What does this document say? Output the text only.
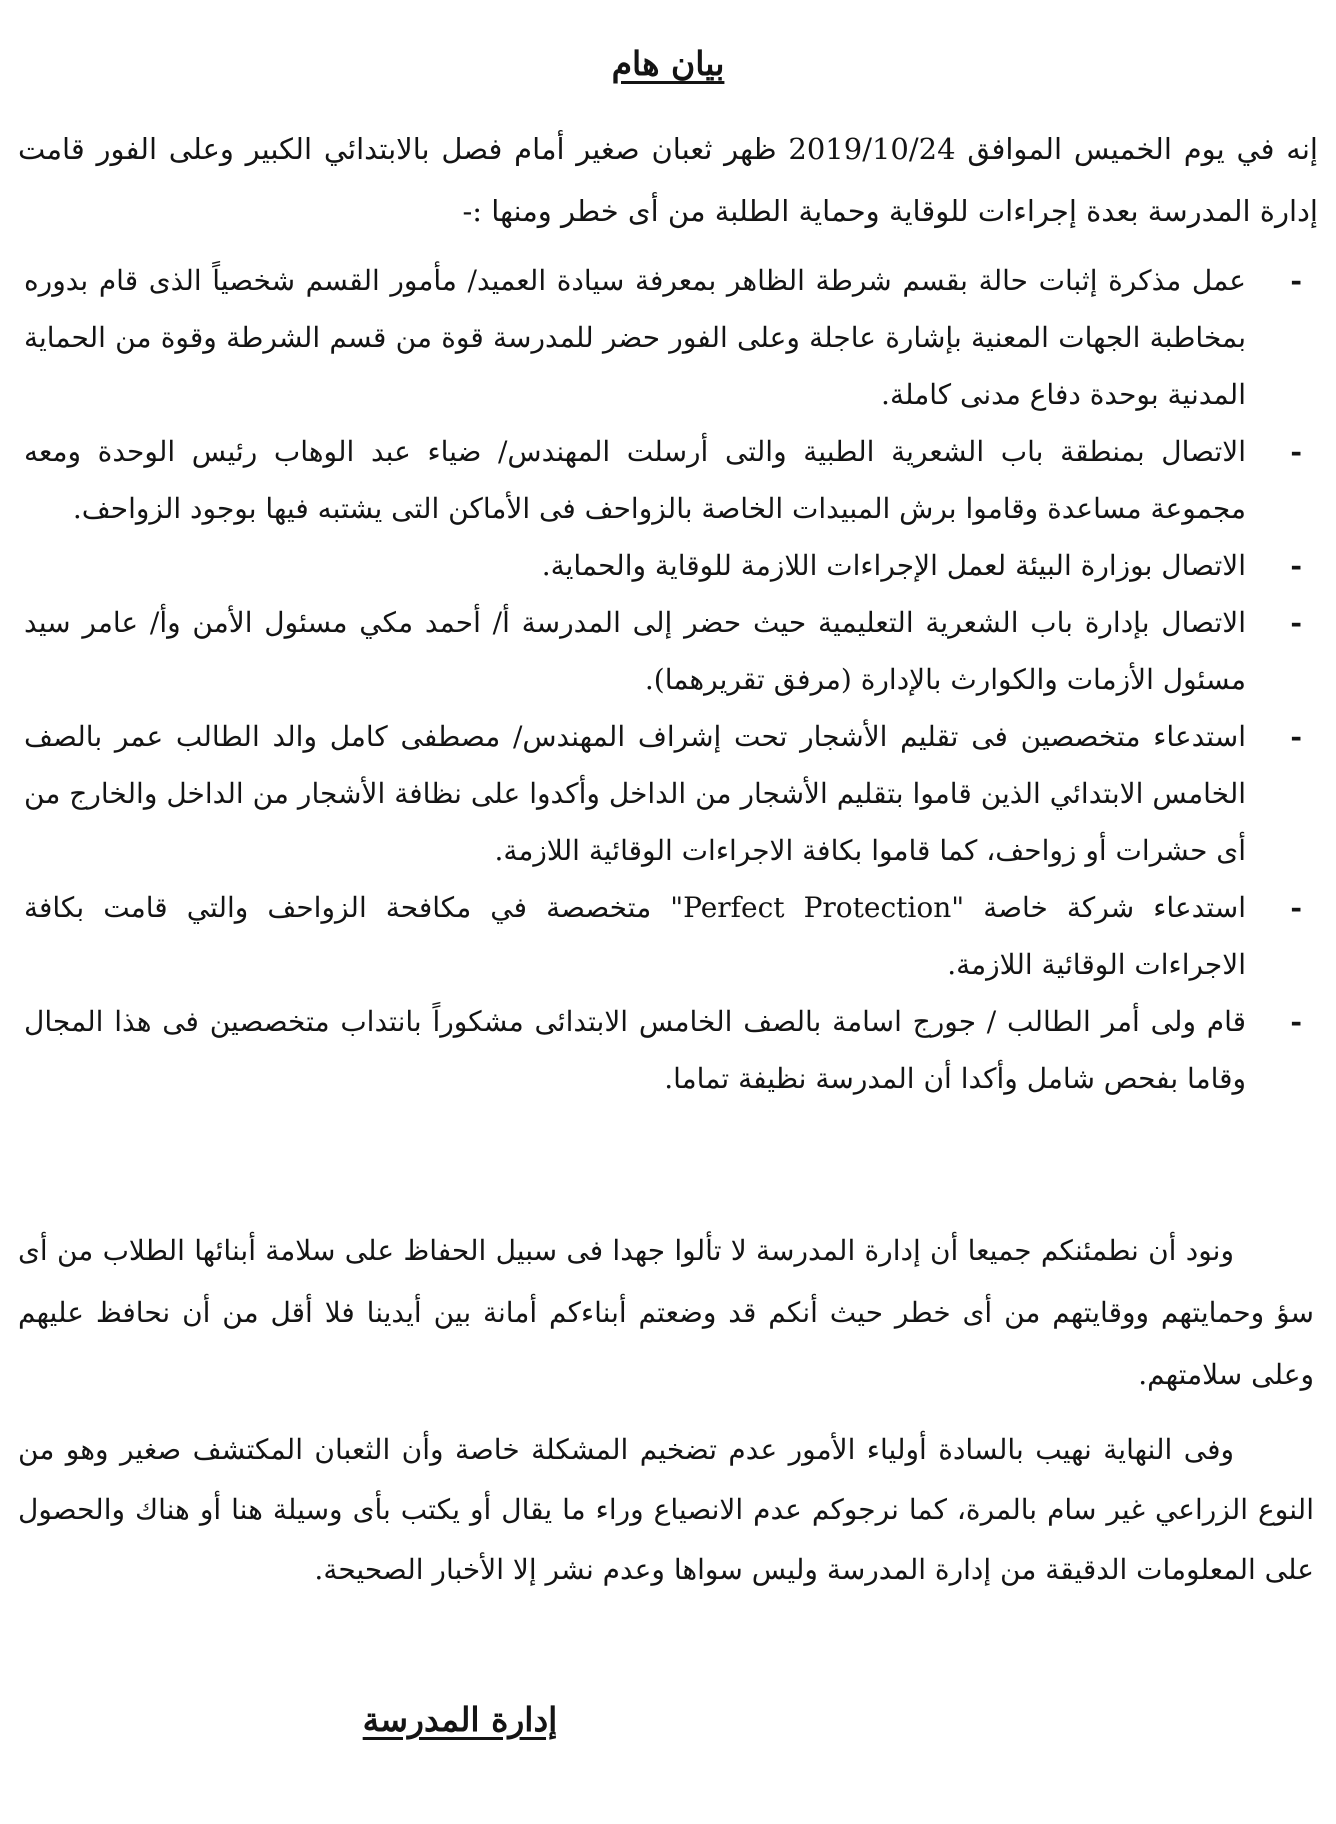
بيان هام
إنه في يوم الخميس الموافق 2019/10/24 ظهر ثعبان صغير أمام فصل بالابتدائي الكبير وعلى الفور قامت إدارة المدرسة بعدة إجراءات للوقاية وحماية الطلبة من أى خطر ومنها :-
-
عمل مذكرة إثبات حالة بقسم شرطة الظاهر بمعرفة سيادة العميد/ مأمور القسم شخصياً الذى قام بدوره بمخاطبة الجهات المعنية بإشارة عاجلة وعلى الفور حضر للمدرسة قوة من قسم الشرطة وقوة من الحماية المدنية بوحدة دفاع مدنى كاملة.
-
الاتصال بمنطقة باب الشعرية الطبية والتى أرسلت المهندس/ ضياء عبد الوهاب رئيس الوحدة ومعه مجموعة مساعدة وقاموا برش المبيدات الخاصة بالزواحف فى الأماكن التى يشتبه فيها بوجود الزواحف.
-
الاتصال بوزارة البيئة لعمل الإجراءات اللازمة للوقاية والحماية.
-
الاتصال بإدارة باب الشعرية التعليمية حيث حضر إلى المدرسة أ/ أحمد مكي مسئول الأمن وأ/ عامر سيد مسئول الأزمات والكوارث بالإدارة (مرفق تقريرهما).
-
استدعاء متخصصين فى تقليم الأشجار تحت إشراف المهندس/ مصطفى كامل والد الطالب عمر بالصف الخامس الابتدائي الذين قاموا بتقليم الأشجار من الداخل وأكدوا على نظافة الأشجار من الداخل والخارج من أى حشرات أو زواحف، كما قاموا بكافة الاجراءات الوقائية اللازمة.
-
استدعاء شركة خاصة "Perfect Protection" متخصصة في مكافحة الزواحف والتي قامت بكافة الاجراءات الوقائية اللازمة.
-
قام ولى أمر الطالب / جورج اسامة بالصف الخامس الابتدائى مشكوراً بانتداب متخصصين فى هذا المجال وقاما بفحص شامل وأكدا أن المدرسة نظيفة تماما.
ونود أن نطمئنكم جميعا أن إدارة المدرسة لا تألوا جهدا فى سبيل الحفاظ على سلامة أبنائها الطلاب من أى سؤ وحمايتهم ووقايتهم من أى خطر حيث أنكم قد وضعتم أبناءكم أمانة بين أيدينا فلا أقل من أن نحافظ عليهم وعلى سلامتهم.
وفى النهاية نهيب بالسادة أولياء الأمور عدم تضخيم المشكلة خاصة وأن الثعبان المكتشف صغير وهو من النوع الزراعي غير سام بالمرة، كما نرجوكم عدم الانصياع وراء ما يقال أو يكتب بأى وسيلة هنا أو هناك والحصول على المعلومات الدقيقة من إدارة المدرسة وليس سواها وعدم نشر إلا الأخبار الصحيحة.
إدارة المدرسة
